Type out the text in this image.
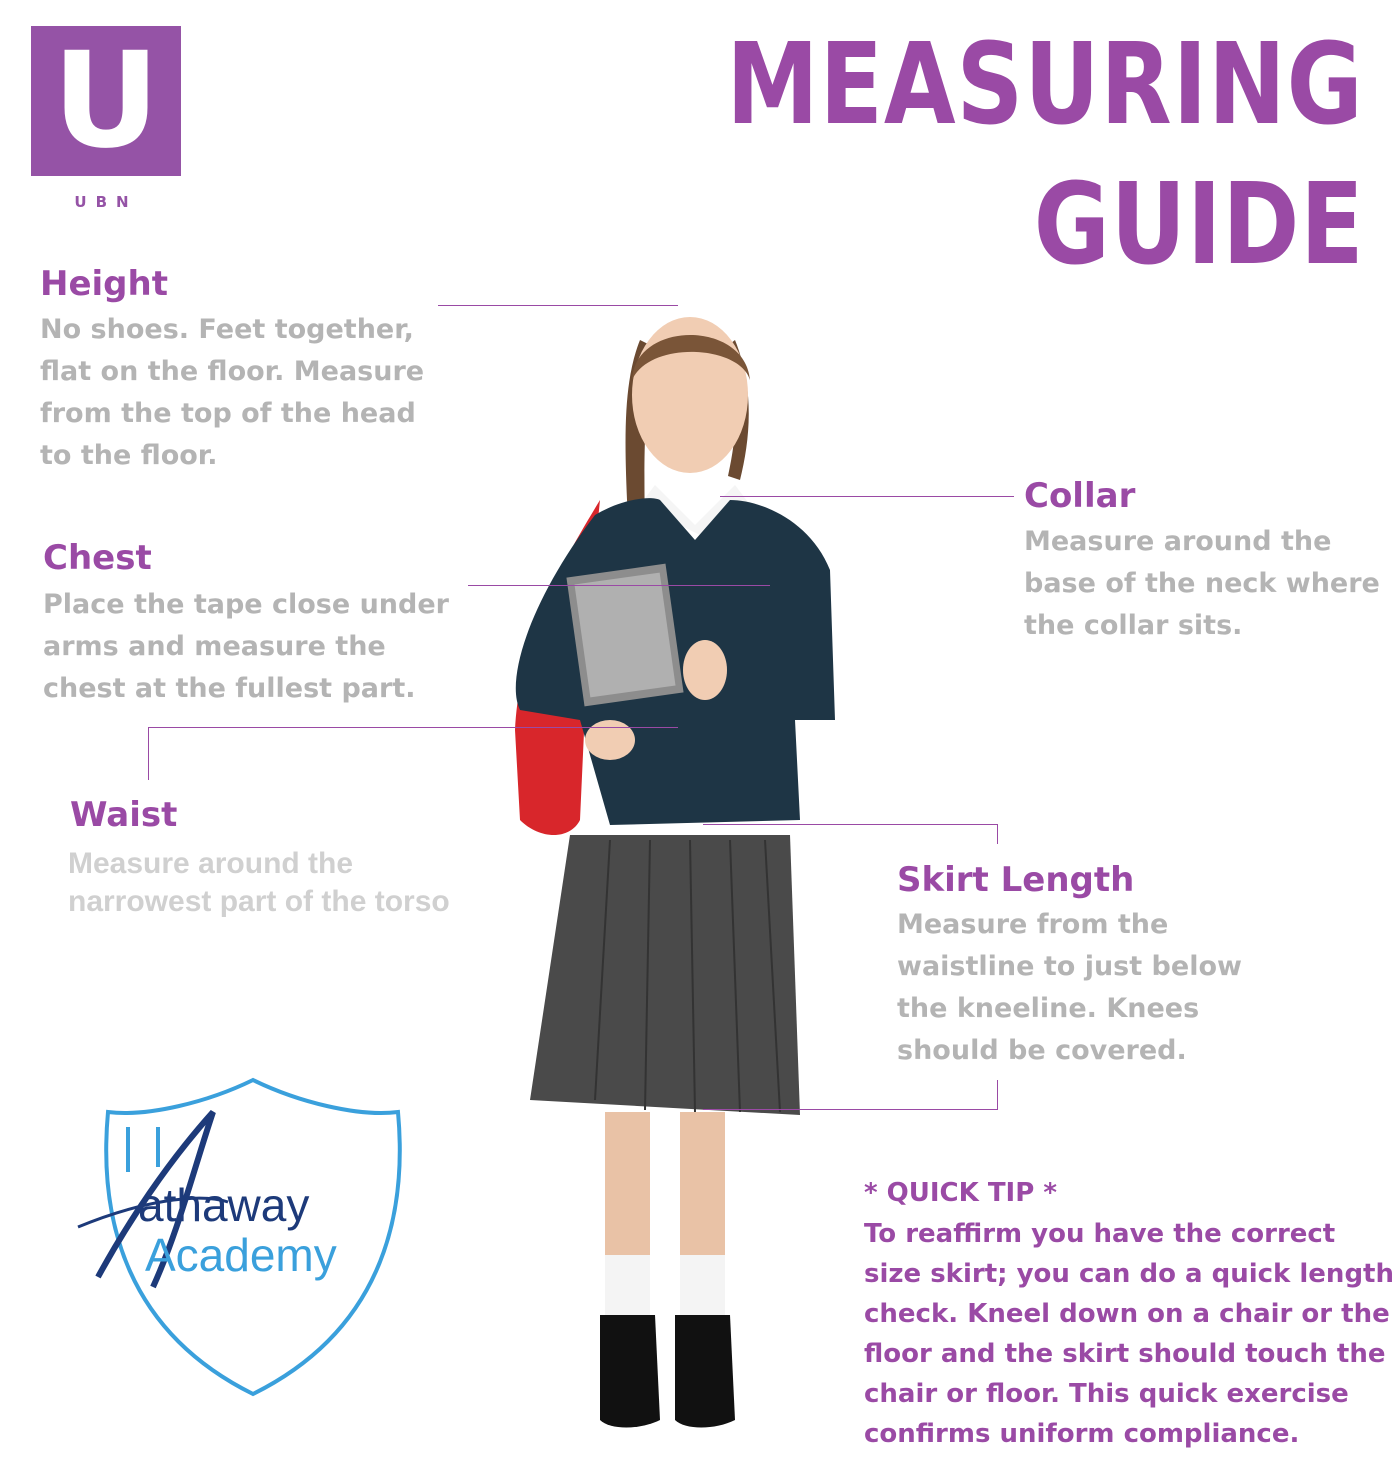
U
UBN
MEASURING
GUIDE
Height
No shoes. Feet together,
flat on the floor. Measure
from the top of the head
to the floor.
Chest
Place the tape close under
arms and measure the
chest at the fullest part.
Waist
Measure around the
narrowest part of the torso
Collar
Measure around the
base of the neck where
the collar sits.
Skirt Length
Measure from the
waistline to just below
the kneeline. Knees
should be covered.
athaway
Academy
* QUICK TIP *
To reaffirm you have the correct
size skirt; you can do a quick length
check. Kneel down on a chair or the
floor and the skirt should touch the
chair or floor. This quick exercise
confirms uniform compliance.
